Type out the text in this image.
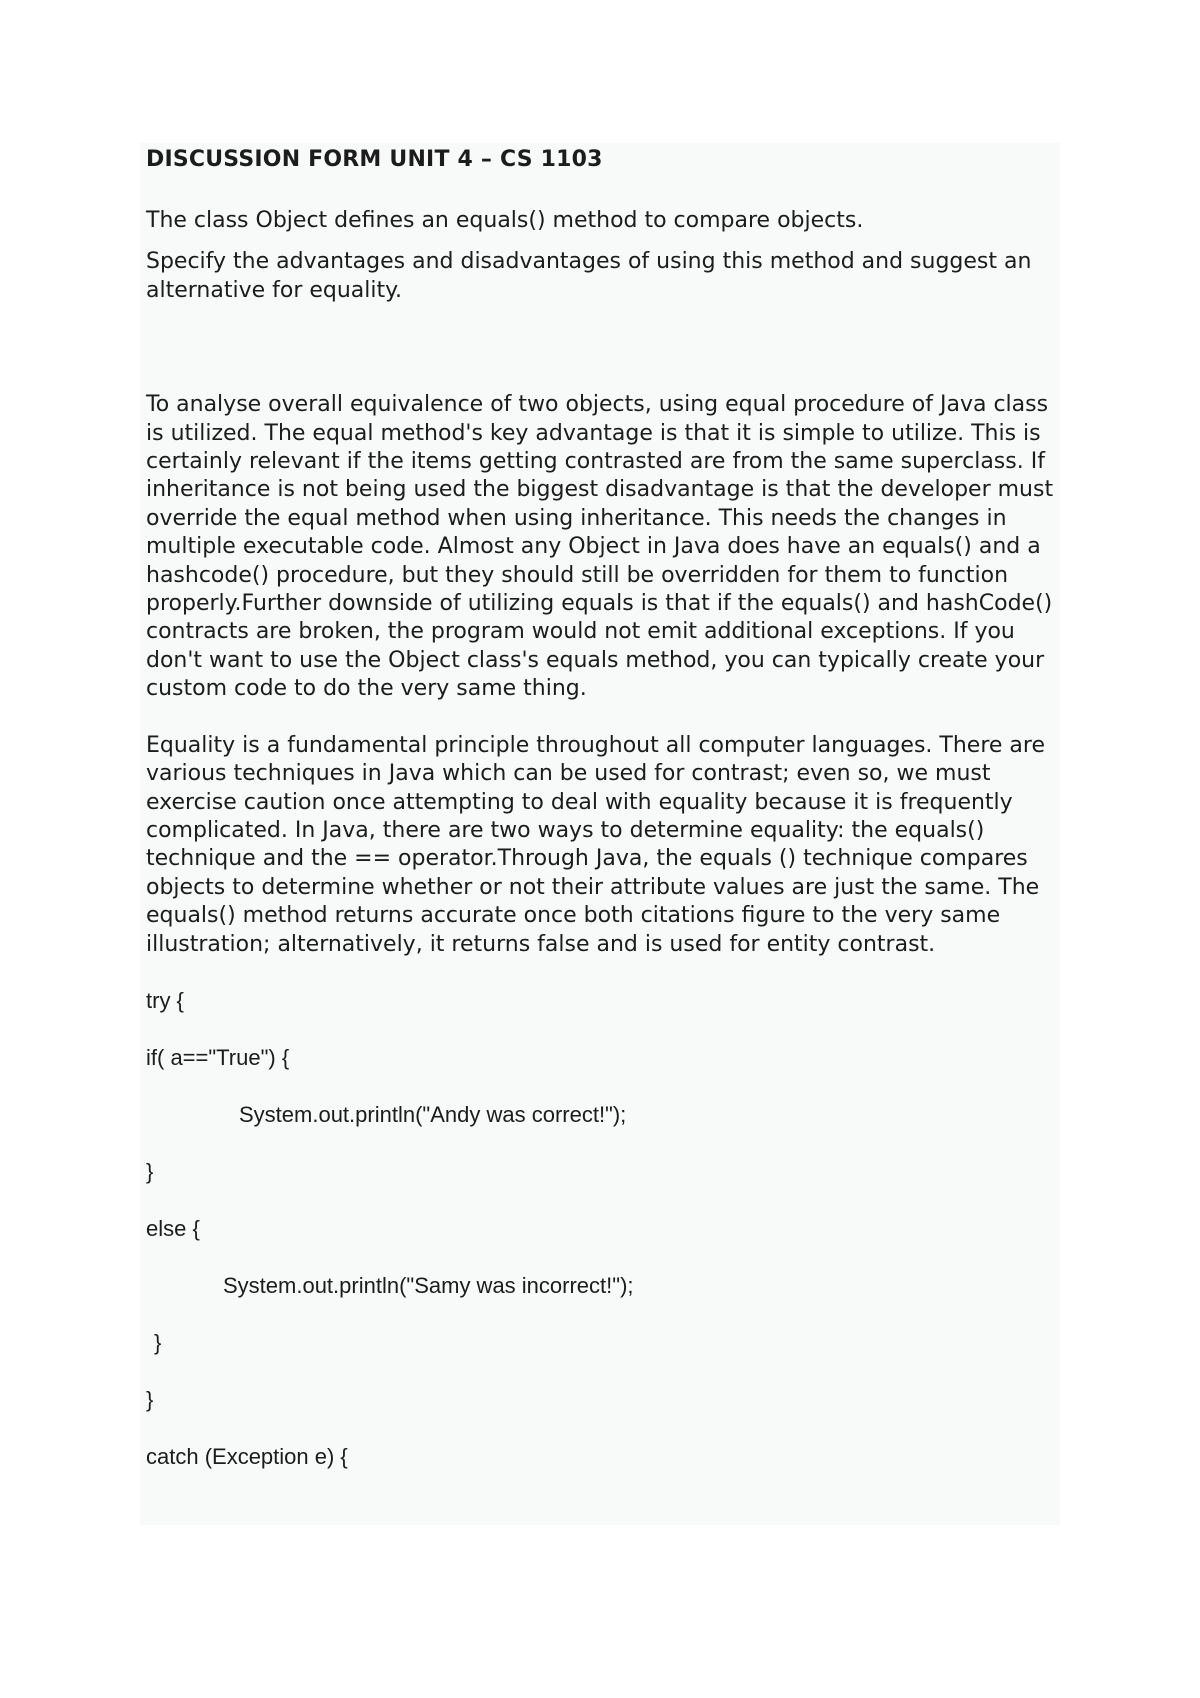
DISCUSSION FORM UNIT 4 – CS 1103

The class Object defines an equals() method to compare objects.

Specify the advantages and disadvantages of using this method and suggest an alternative for equality.

To analyse overall equivalence of two objects, using equal procedure of Java class is utilized. The equal method's key advantage is that it is simple to utilize. This is certainly relevant if the items getting contrasted are from the same superclass. If inheritance is not being used the biggest disadvantage is that the developer must override the equal method when using inheritance. This needs the changes in multiple executable code. Almost any Object in Java does have an equals() and a hashcode() procedure, but they should still be overridden for them to function properly.Further downside of utilizing equals is that if the equals() and hashCode() contracts are broken, the program would not emit additional exceptions. If you don't want to use the Object class's equals method, you can typically create your custom code to do the very same thing.

Equality is a fundamental principle throughout all computer languages. There are various techniques in Java which can be used for contrast; even so, we must exercise caution once attempting to deal with equality because it is frequently complicated. In Java, there are two ways to determine equality: the equals() technique and the == operator.Through Java, the equals () technique compares objects to determine whether or not their attribute values are just the same. The equals() method returns accurate once both citations figure to the very same illustration; alternatively, it returns false and is used for entity contrast.

try {

if( a=="True") {

System.out.println("Andy was correct!");

}

else {

System.out.println("Samy was incorrect!");

}

}

catch (Exception e) {
